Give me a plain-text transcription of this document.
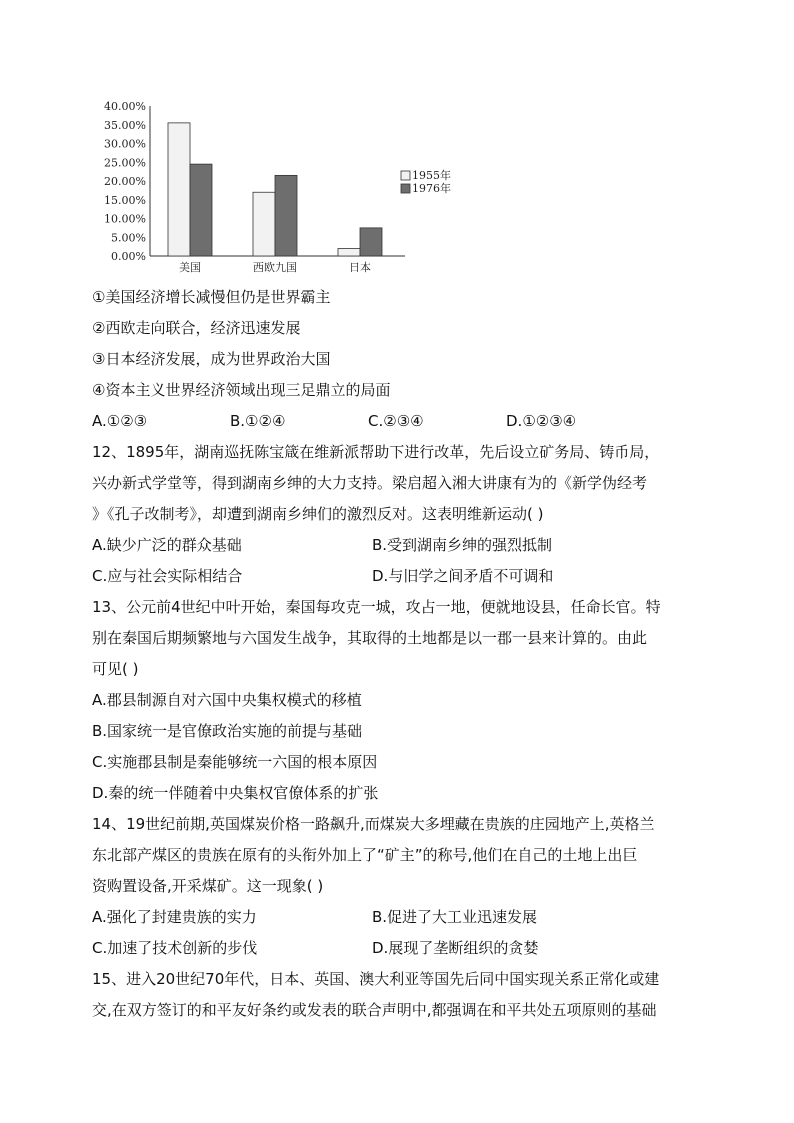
0.00%
5.00%
10.00%
15.00%
20.00%
25.00%
30.00%
35.00%
40.00%
美国	西欧九国	日本
1955年
1976年
①美国经济增长减慢但仍是世界霸主
②西欧走向联合，经济迅速发展
③日本经济发展，成为世界政治大国
④资本主义世界经济领域出现三足鼎立的局面
A.①②③	B.①②④	C.②③④	D.①②③④
12、1895年，湖南巡抚陈宝箴在维新派帮助下进行改革，先后设立矿务局、铸币局，
兴办新式学堂等，得到湖南乡绅的大力支持。梁启超入湘大讲康有为的《新学伪经考
》《孔子改制考》，却遭到湖南乡绅们的激烈反对。这表明维新运动( )
A.缺少广泛的群众基础	B.受到湖南乡绅的强烈抵制
C.应与社会实际相结合	D.与旧学之间矛盾不可调和
13、公元前4世纪中叶开始，秦国每攻克一城，攻占一地，便就地设县，任命长官。特
别在秦国后期频繁地与六国发生战争，其取得的土地都是以一郡一县来计算的。由此
可见( )
A.郡县制源自对六国中央集权模式的移植
B.国家统一是官僚政治实施的前提与基础
C.实施郡县制是秦能够统一六国的根本原因
D.秦的统一伴随着中央集权官僚体系的扩张
14、19世纪前期,英国煤炭价格一路飙升,而煤炭大多埋藏在贵族的庄园地产上,英格兰
东北部产煤区的贵族在原有的头衔外加上了“矿主”的称号,他们在自己的土地上出巨
资购置设备,开采煤矿。这一现象( )
A.强化了封建贵族的实力	B.促进了大工业迅速发展
C.加速了技术创新的步伐	D.展现了垄断组织的贪婪
15、进入20世纪70年代，日本、英国、澳大利亚等国先后同中国实现关系正常化或建
交,在双方签订的和平友好条约或发表的联合声明中,都强调在和平共处五项原则的基础
